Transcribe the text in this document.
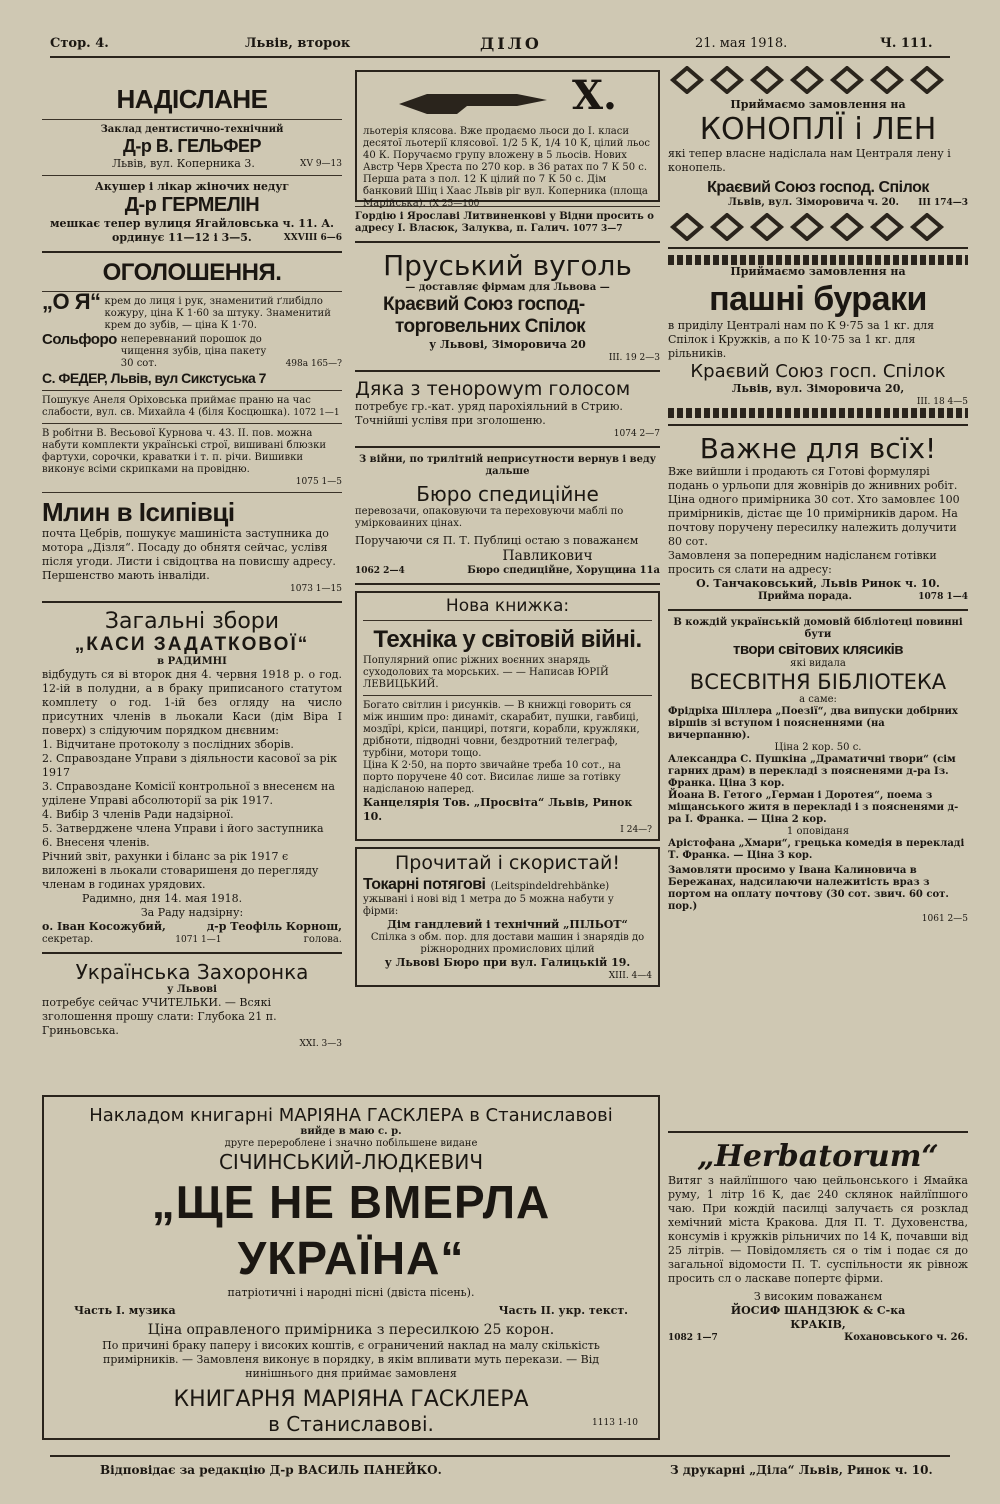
Стор. 4.	Львів, второк	ДІЛО	21. мая 1918.	Ч. 111.
НАДІСЛАНЕ
Заклад дентистично-технічний
Д-р В. ГЕЛЬФЕР
Львів, вул. Коперника 3.	XV 9—13
Акушер і лікар жіночих недуг
Д-р ГЕРМЕЛІН
мешкає тепер вулиця Ягайловська ч. 11. А.
ординує 11—12 і 3—5.	XXVIII 6—6
ОГОЛОШЕННЯ.
„О Я“ крем до лиця і рук, знаменитий ґлибідло кожуру, ціна К 1·60 за штуку. Знаменитий крем до зубів, — ціна К 1·70.
Сольфоро неперевнаний порошок до чищення зубів, ціна пакету 30 сот.	498a 165—?
С. ФЕДЕР, Львів, вул Сикстуська 7
Пошукує Анеля Оріховська приймає праню на час слабости, вул. св. Михайла 4 (біля Косцюшка). 1072 1—1
В робітни В. Весьової Курнова ч. 43. II. пов. можна набути комплекти українські строї, вишивані блюзки фартухи, сорочки, краватки і т. п. річи. Вишивки виконує всіми скрипками на провідню.
1075 1—5
Млин в Ісипівці
почта Цебрів, пошукує машиніста заступника до мотора „Дізля“. Посаду до обнятя сейчас, услівя після угоди. Листи і свідоцтва на повисшу адресу. Першенство мають інваліди.
1073 1—15
Загальні збори
„КАСИ ЗАДАТКОВОЇ“
в РАДИМНІ
відбудуть ся ві второк дня 4. червня 1918 р. о год. 12-ій в полудни, а в браку приписаного статутом комплету о год. 1-ій без огляду на число присутних членів в льокали Каси (дім Віра І поверх) з слідуючим порядком днєвним:
1. Відчитане протоколу з послідних зборів.
2. Справоздане Управи з діяльности касової за рік 1917
3. Справоздане Комісії контрольної з внесенєм на уділене Управі абсолюторії за рік 1917.
4. Вибір 3 членів Ради надзірної.
5. Затверджене члена Управи і його заступника
6. Внесеня членів.
Річний звіт, рахунки і біланс за рік 1917 є виложені в льокали стоваришеня до перегляду членам в годинах урядових.
Радимно, дня 14. мая 1918.
За Раду надзірну:
о. Іван Косожубий,	д-р Теофіль Корнош,
секретар.	1071 1—1	голова.
Українська Захоронка
у Львові
потребує сейчас УЧИТЕЛЬКИ. — Всякі зголошення прошу слати: Глубока 21 п. Гриньовська.
XXI. 3—3
X.
льотерія клясова. Вже продаємо льоси до І. класи десятої льотерії клясової. 1/2 5 К, 1/4 10 К, цілий льос 40 К. Поручаємо групу вложену в 5 льосів. Нових Австр Черв Хреста по 270 кор. в 36 ратах по 7 К 50 с. Перша рата з пол. 12 К цілий по 7 К 50 с. Дім банковий Шіц і Хаас Львів ріг вул. Коперника (площа Марійська). (X 25—100
Гордію і Ярославі Литвиненкові у Відни просить о адресу І. Власюк, Залуква, п. Галич. 1077 3—7
Пруський вуголь
— доставляє фірмам для Львова —
Краєвий Союз господ-
торговельних Спілок
у Львові, Зіморовича 20
III. 19 2—3
Дяка з тенорowym голосом
потребує гр.-кат. уряд парохіяльний в Стрию. Точнійші услівя при зголошеню.
1074 2—7
З війни, по трилітній неприсутности вернув і веду дальше
Бюро спедиційне
перевозачи, опаковуючи та переховуючи маблі по умірковаиних цінах.
Поручаючи ся П. Т. Публиці остаю з поважанєм
Павликович
1062 2—4	Бюро спедиційне, Хорущина 11а
Нова книжка:
Техніка у світовій війні.
Популярний опис ріжних воєнних знарядь суходолових та морських. — — Написав ЮРІЙ ЛЕВИЦЬКИЙ.
Богато світлин і рисунків. — В книжці говорить ся між иншим про: динаміт, скарабит, пушки, гавбиці, моздїрі, кріси, панцирі, потяги, корабли, кружляки, дрібноти, підводні човни, бездротний телеграф, турбіни, мотори тощо.
Ціна К 2·50, на порто звичайне треба 10 сот., на порто поручене 40 сот. Висилає лише за готівку надісланою наперед.
Канцелярія Тов. „Просвіта“ Львів, Ринок 10.
I 24—?
Прочитай і скористай!
Токарні потягові (Leitspindeldrehbänke)
ужывані і нові від 1 метра до 5 можна набути у фірми:
Дім гандлевий і технічний „ПІЛЬОТ“
Спілка з обм. пор. для достави машин і знарядів до ріжнородних промислових цілий
у Львові Бюро при вул. Галицькій 19.
XIII. 4—4
Приймаємо замовлення на
КОНОПЛЇ і ЛЕН
які тепер власне надіслала нам Централя лену і конопель.
Краєвий Союз господ. Спілок
Львів, вул. Зіморовича ч. 20. III 174—3
Приймаємо замовлення на
пашні бураки
в приділу Централі нам по К 9·75 за 1 кг. для Спілок і Кружків, а по К 10·75 за 1 кг. для рільників.
Краєвий Союз госп. Спілок
Львів, вул. Зіморовича 20,
III. 18 4—5
Важне для всїх!
Вже вийшли і продають ся Готові формулярі подань о урльопи для жовнірів до жнивних робіт.
Ціна одного примірника 30 сот. Хто замовлеє 100 примірників, дістає ще 10 примірників даром. На почтову поручену пересилку належить долучити 80 сот.
Замовленя за попередним надісланєм готівки просить ся слати на адресу:
О. Танчаковський, Львів Ринок ч. 10.
Прийма порада.	1078 1—4
В кождій українській домовій бібліотеці повинні бути
твори світових клясиків
які видала
ВСЕСВІТНЯ БІБЛІОТЕКА
а саме:
Фрідріха Шіллера „Поезії“, два випуски добірних віршів зі вступом і поясненнями (на вичерпанню).
Ціна 2 кор. 50 с.
Александра С. Пушкіна „Драматичні твори“ (сім гарних драм) в перекладі з поясненями д-ра Із. Франка. Ціна 3 кор.
Йоана В. Гетого „Герман і Доротея“, поема з міщанського житя в перекладі і з поясненями д-ра І. Франка. — Ціна 2 кор.
1 оповіданя
Арістофана „Хмари“, грецька комедія в перекладі Т. Франка. — Ціна 3 кор.
Замовляти просимо у Івана Калиновича в Бережанах, надсилаючи належитість враз з портом на оплату почтову (30 сот. звич. 60 сот. пор.)
1061 2—5
Накладом книгарні МАРІЯНА ГАСКЛЕРА в Станиславові
вийде в маю с. р.
друге перероблене і значно побільшене видане
СІЧИНСЬКИЙ-ЛЮДКЕВИЧ
„ЩЕ НЕ ВМЕРЛА УКРАЇНА“
патріотичні і народні пісні (двіста пісень).
Часть І. музика	Часть II. укр. текст.
Ціна оправленого примірника з пересилкою 25 корон.
По причині браку паперу і високих коштів, є ограничений наклад на малу скількість примірників. — Замовленя виконує в порядку, в якім впливати муть перекази. — Від нинішнього дня приймає замовленя
КНИГАРНЯ МАРІЯНА ГАСКЛЕРА
в Станиславові.	1113 1-10
„Herbatorum“
Витяг з найлїпшого чаю цейльонського і Ямайка руму, 1 літр 16 К, дає 240 склянок найлїпшого чаю. При кождій пасилці залучаєть ся розклад хемічний міста Кракова. Для П. Т. Духовенства, консумів і кружків рільничих по 14 К, почавши від 25 літрів. — Повідомляєть ся о тім і подає ся до загальної відомости П. Т. суспільности як рівнож просить сл о ласкаве попертє фірми.
З високим поважанєм
ЙОСИФ ШАНДЗЮК & С-ка
КРАКІВ,
1082 1—7	Кохановського ч. 26.
Відповідає за редакцію Д-р ВАСИЛЬ ПАНЕЙКО.	З друкарні „Діла“ Львів, Ринок ч. 10.
